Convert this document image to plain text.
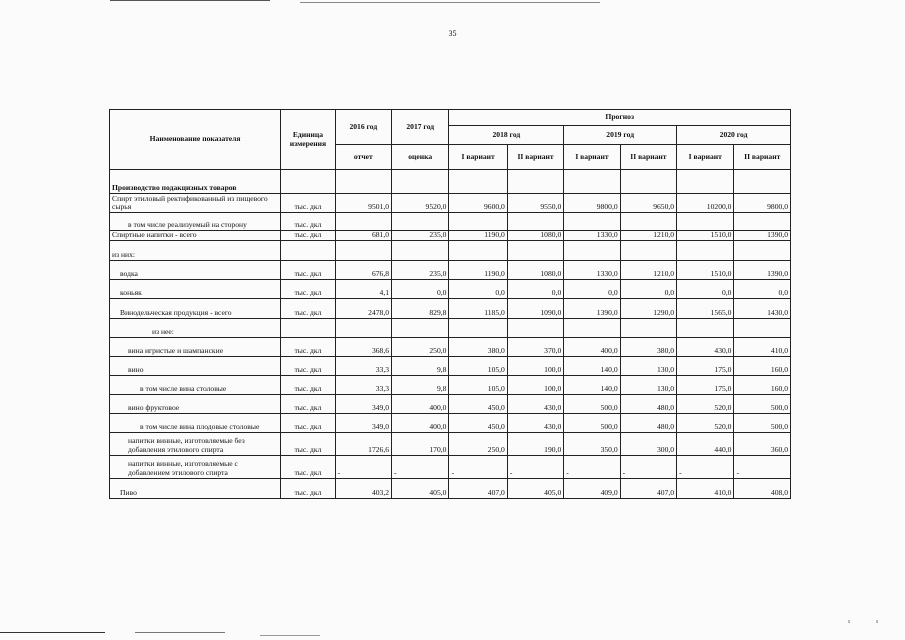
35
¹	¹
Наименование показателя	Единица измерения	2016 год	2017 год	Прогноз					
				2018 год		2019 год		2020 год	
		отчет	оценка	I вариант	II вариант	I вариант	II вариант	I вариант	II вариант
Производство подакцизных товаров									
Спирт этиловый ректификованный из пищевого сырья	тыс. дкл	9501,0	9520,0	9600,0	9550,0	9800,0	9650,0	10200,0	9800,0
в том числе реализуемый на сторону	тыс. дкл								
Спиртные напитки - всего	тыс. дкл	681,0	235,0	1190,0	1080,0	1330,0	1210,0	1510,0	1390,0
из них:									
водка	тыс. дкл	676,8	235,0	1190,0	1080,0	1330,0	1210,0	1510,0	1390,0
коньяк	тыс. дкл	4,1	0,0	0,0	0,0	0,0	0,0	0,0	0,0
Винодельческая продукция - всего	тыс. дкл	2478,0	829,8	1185,0	1090,0	1390,0	1290,0	1565,0	1430,0
из нее:									
вина игристые и шампанские	тыс. дкл	368,6	250,0	380,0	370,0	400,0	380,0	430,0	410,0
вино	тыс. дкл	33,3	9,8	105,0	100,0	140,0	130,0	175,0	160,0
в том числе вина столовые	тыс. дкл	33,3	9,8	105,0	100,0	140,0	130,0	175,0	160,0
вино фруктовое	тыс. дкл	349,0	400,0	450,0	430,0	500,0	480,0	520,0	500,0
в том числе вина плодовые столовые	тыс. дкл	349,0	400,0	450,0	430,0	500,0	480,0	520,0	500,0
напитки винные, изготовляемые без добавления этилового спирта	тыс. дкл	1726,6	170,0	250,0	190,0	350,0	300,0	440,0	360,0
напитки винные, изготовляемые с добавлением этилового спирта	тыс. дкл	-	-	-	-	-	-	-	-
Пиво	тыс. дкл	403,2	405,0	407,0	405,0	409,0	407,0	410,0	408,0
